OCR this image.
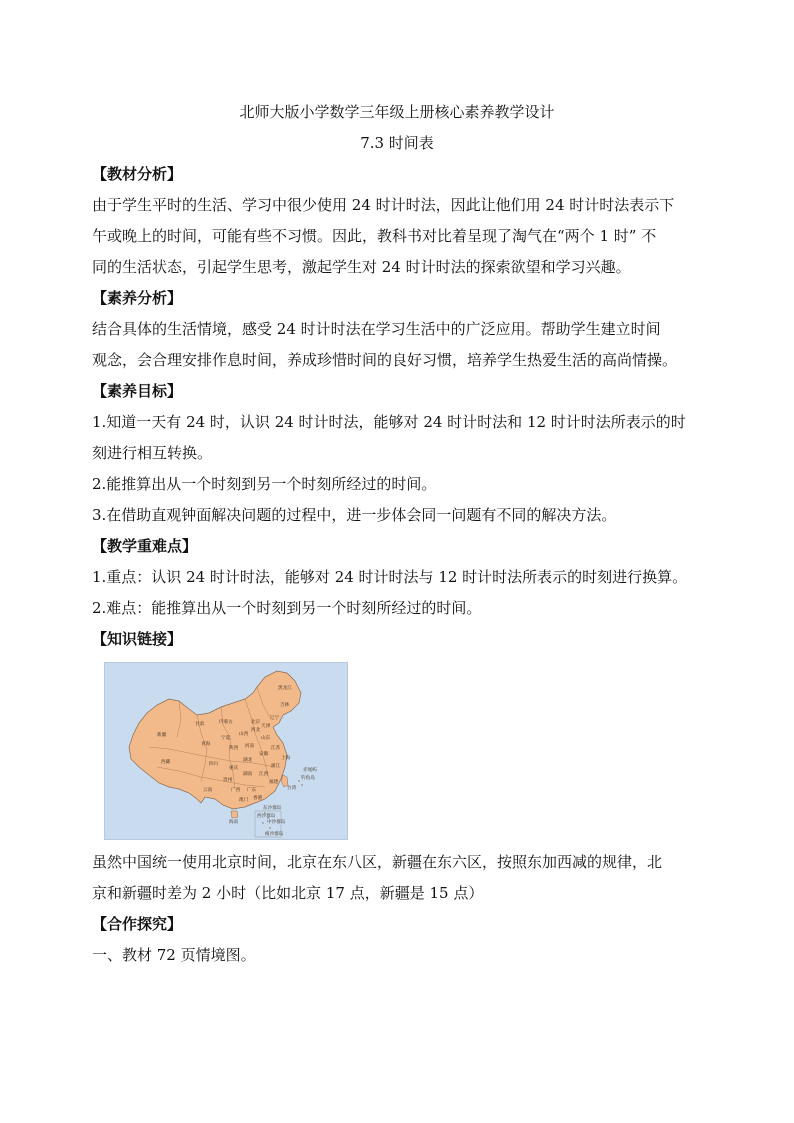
北师大版小学数学三年级上册核心素养教学设计
7.3 时间表
【教材分析】
由于学生平时的生活、学习中很少使用 24 时计时法，因此让他们用 24 时计时法表示下
午或晚上的时间，可能有些不习惯。因此，教科书对比着呈现了淘气在“两个 1 时” 不
同的生活状态，引起学生思考，激起学生对 24 时计时法的探索欲望和学习兴趣。
【素养分析】
结合具体的生活情境，感受 24 时计时法在学习生活中的广泛应用。帮助学生建立时间
观念，会合理安排作息时间，养成珍惜时间的良好习惯，培养学生热爱生活的高尚情操。
【素养目标】
1.知道一天有 24 时，认识 24 时计时法，能够对 24 时计时法和 12 时计时法所表示的时
刻进行相互转换。
2.能推算出从一个时刻到另一个时刻所经过的时间。
3.在借助直观钟面解决问题的过程中，进一步体会同一问题有不同的解决方法。
【教学重难点】
1.重点：认识 24 时计时法，能够对 24 时计时法与 12 时计时法所表示的时刻进行换算。
2.难点：能推算出从一个时刻到另一个时刻所经过的时间。
【知识链接】
黑龙江
吉林
辽宁
内蒙古
新疆
甘肃
宁夏
山西
河北
北京
天津
青海
陕西 河南
山东
西藏	四川
重庆
湖北
安徽
江苏
上海
浙江
贵州
湖南 江西
福建
台湾
云南	广西 广东
香港
澳门
海南
钓鱼岛
赤尾屿
东沙群岛
西沙群岛
中沙群岛
南沙群岛
虽然中国统一使用北京时间，北京在东八区，新疆在东六区，按照东加西减的规律，北
京和新疆时差为 2 小时（比如北京 17 点，新疆是 15 点）
【合作探究】
一、教材 72 页情境图。
